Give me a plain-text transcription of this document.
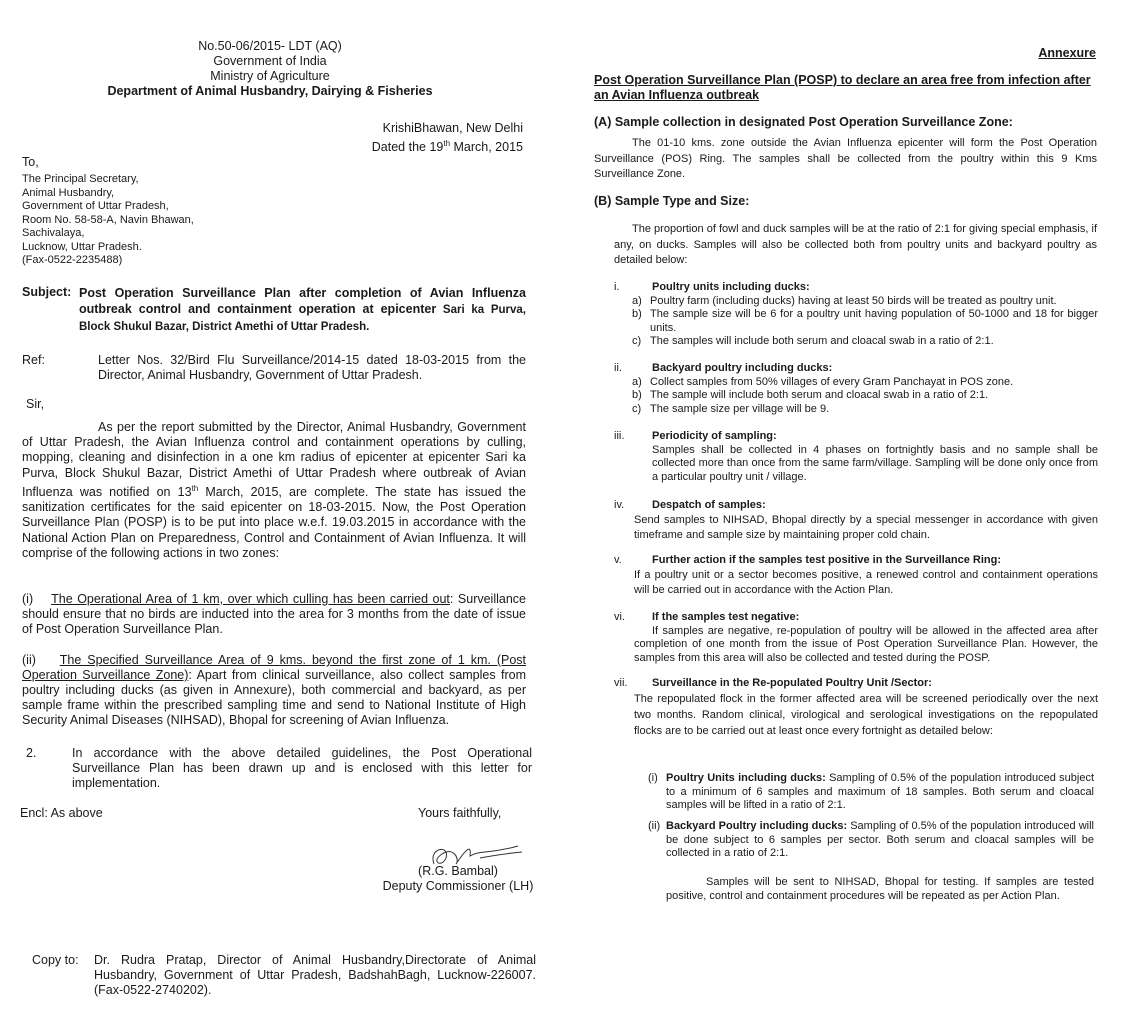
No.50-06/2015- LDT (AQ)
Government of India
Ministry of Agriculture
Department of Animal Husbandry, Dairying & Fisheries
KrishiBhawan, New Delhi
Dated the 19th March, 2015
To,
The Principal Secretary,
Animal Husbandry,
Government of Uttar Pradesh,
Room No. 58-58-A, Navin Bhawan,
Sachivalaya,
Lucknow, Uttar Pradesh.
(Fax-0522-2235488)
Subject: Post Operation Surveillance Plan after completion of Avian Influenza outbreak control and containment operation at epicenter Sari ka Purva, Block Shukul Bazar, District Amethi of Uttar Pradesh.
Ref:	Letter Nos. 32/Bird Flu Surveillance/2014-15 dated 18-03-2015 from the Director, Animal Husbandry, Government of Uttar Pradesh.
Sir,
As per the report submitted by the Director, Animal Husbandry, Government of Uttar Pradesh, the Avian Influenza control and containment operations by culling, mopping, cleaning and disinfection in a one km radius of epicenter at epicenter Sari ka Purva, Block Shukul Bazar, District Amethi of Uttar Pradesh where outbreak of Avian Influenza was notified on 13th March, 2015, are complete. The state has issued the sanitization certificates for the said epicenter on 18-03-2015. Now, the Post Operation Surveillance Plan (POSP) is to be put into place w.e.f. 19.03.2015 in accordance with the National Action Plan on Preparedness, Control and Containment of Avian Influenza. It will comprise of the following actions in two zones:
(i) The Operational Area of 1 km, over which culling has been carried out: Surveillance should ensure that no birds are inducted into the area for 3 months from the date of issue of Post Operation Surveillance Plan.
(ii) The Specified Surveillance Area of 9 kms. beyond the first zone of 1 km. (Post Operation Surveillance Zone): Apart from clinical surveillance, also collect samples from poultry including ducks (as given in Annexure), both commercial and backyard, as per sample frame within the prescribed sampling time and send to National Institute of High Security Animal Diseases (NIHSAD), Bhopal for screening of Avian Influenza.
2.	In accordance with the above detailed guidelines, the Post Operational Surveillance Plan has been drawn up and is enclosed with this letter for implementation.
Encl: As above	Yours faithfully,
(R.G. Bambal)
Deputy Commissioner (LH)
Copy to:	Dr. Rudra Pratap, Director of Animal Husbandry,Directorate of Animal Husbandry, Government of Uttar Pradesh, BadshahBagh, Lucknow-226007. (Fax-0522-2740202).
Annexure
Post Operation Surveillance Plan (POSP) to declare an area free from infection after an Avian Influenza outbreak
(A) Sample collection in designated Post Operation Surveillance Zone:
The 01-10 kms. zone outside the Avian Influenza epicenter will form the Post Operation Surveillance (POS) Ring. The samples shall be collected from the poultry within this 9 Kms Surveillance Zone.
(B) Sample Type and Size:
The proportion of fowl and duck samples will be at the ratio of 2:1 for giving special emphasis, if any, on ducks. Samples will also be collected both from poultry units and backyard poultry as detailed below:
i.	Poultry units including ducks:
a) Poultry farm (including ducks) having at least 50 birds will be treated as poultry unit.
b) The sample size will be 6 for a poultry unit having population of 50-1000 and 18 for bigger units.
c) The samples will include both serum and cloacal swab in a ratio of 2:1.
ii.	Backyard poultry including ducks:
a) Collect samples from 50% villages of every Gram Panchayat in POS zone.
b) The sample will include both serum and cloacal swab in a ratio of 2:1.
c) The sample size per village will be 9.
iii.	Periodicity of sampling:
Samples shall be collected in 4 phases on fortnightly basis and no sample shall be collected more than once from the same farm/village. Sampling will be done only once from a particular poultry unit / village.
iv.	Despatch of samples:
Send samples to NIHSAD, Bhopal directly by a special messenger in accordance with given timeframe and sample size by maintaining proper cold chain.
v.	Further action if the samples test positive in the Surveillance Ring:
If a poultry unit or a sector becomes positive, a renewed control and containment operations will be carried out in accordance with the Action Plan.
vi.	If the samples test negative:
If samples are negative, re-population of poultry will be allowed in the affected area after completion of one month from the issue of Post Operation Surveillance Plan. However, the samples from this area will also be collected and tested during the POSP.
vii.	Surveillance in the Re-populated Poultry Unit /Sector:
The repopulated flock in the former affected area will be screened periodically over the next two months. Random clinical, virological and serological investigations on the repopulated flocks are to be carried out at least once every fortnight as detailed below:
(i) Poultry Units including ducks: Sampling of 0.5% of the population introduced subject to a minimum of 6 samples and maximum of 18 samples. Both serum and cloacal samples will be lifted in a ratio of 2:1.
(ii) Backyard Poultry including ducks: Sampling of 0.5% of the population introduced will be done subject to 6 samples per sector. Both serum and cloacal samples will be collected in a ratio of 2:1.
Samples will be sent to NIHSAD, Bhopal for testing. If samples are tested positive, control and containment procedures will be repeated as per Action Plan.
